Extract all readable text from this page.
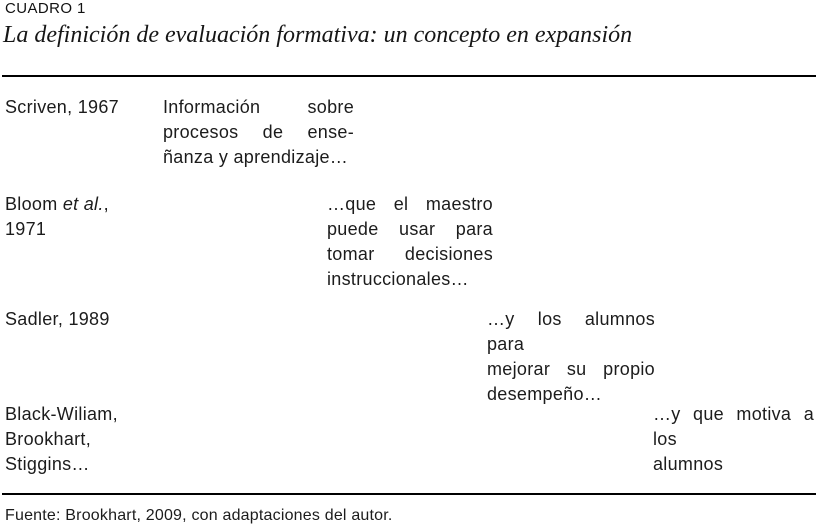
CUADRO 1
La definición de evaluación formativa: un concepto en expansión
Scriven, 1967	Información sobre
procesos de ense-
ñanza y aprendizaje…
Bloom et al.,
1971
…que el maestro
puede usar para
tomar decisiones
instruccionales…
Sadler, 1989	…y los alumnos para
mejorar su propio
desempeño…
Black-Wiliam,
Brookhart,
Stiggins…
…y que motiva a los
alumnos
Fuente: Brookhart, 2009, con adaptaciones del autor.
